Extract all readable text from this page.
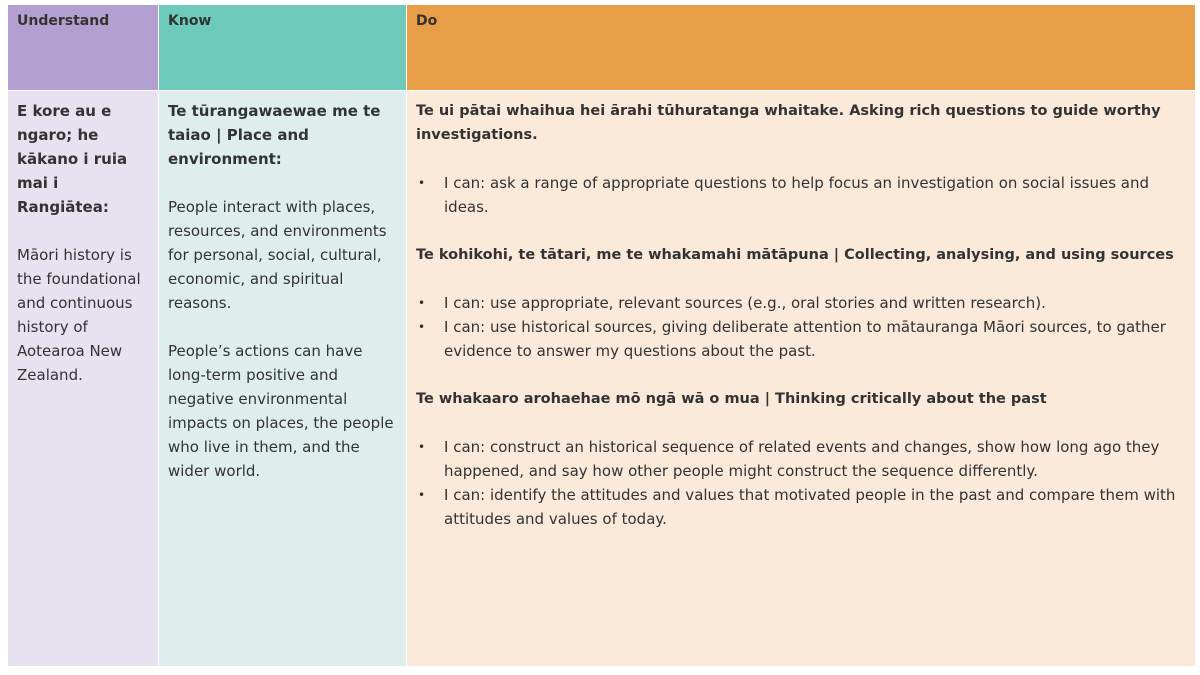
Understand	Know	Do

E kore au e ngaro; he kākano i ruia mai i Rangiātea:

Māori history is the foundational and continuous history of Aotearoa New Zealand.

Te tūrangawaewae me te taiao | Place and environment:

People interact with places, resources, and environments for personal, social, cultural, economic, and spiritual reasons.

People’s actions can have long-term positive and negative environmental impacts on places, the people who live in them, and the wider world.

Te ui pātai whaihua hei ārahi tūhuratanga whaitake. Asking rich questions to guide worthy investigations.

• I can: ask a range of appropriate questions to help focus an investigation on social issues and ideas.

Te kohikohi, te tātari, me te whakamahi mātāpuna | Collecting, analysing, and using sources

• I can: use appropriate, relevant sources (e.g., oral stories and written research).
• I can: use historical sources, giving deliberate attention to mātauranga Māori sources, to gather evidence to answer my questions about the past.

Te whakaaro arohaehae mō ngā wā o mua | Thinking critically about the past

• I can: construct an historical sequence of related events and changes, show how long ago they happened, and say how other people might construct the sequence differently.
• I can: identify the attitudes and values that motivated people in the past and compare them with attitudes and values of today.
